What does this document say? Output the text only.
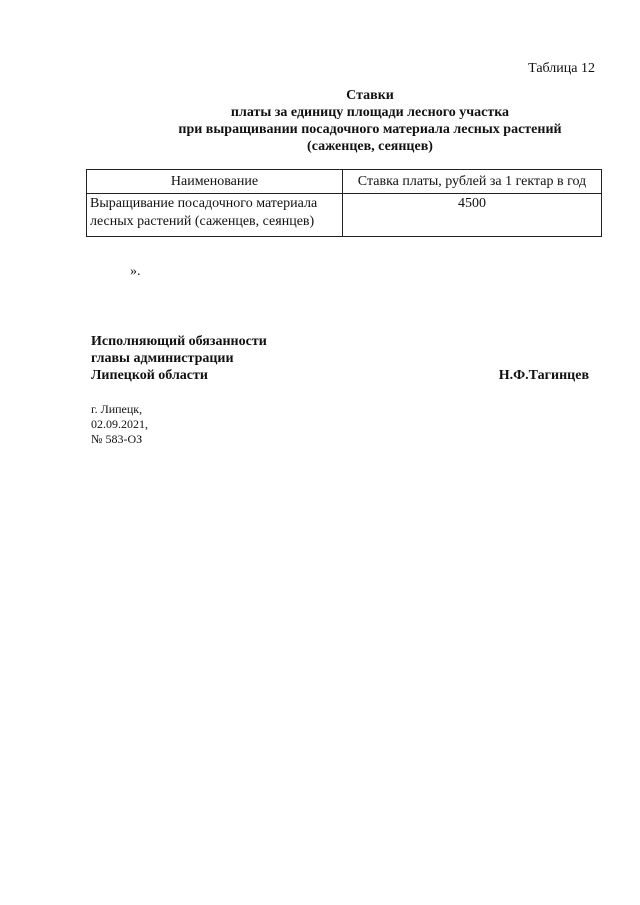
Таблица 12
Ставки
платы за единицу площади лесного участка
при выращивании посадочного материала лесных растений
(саженцев, сеянцев)
Наименование	Ставка платы, рублей за 1 гектар в год
Выращивание посадочного материала лесных растений (саженцев, сеянцев)	4500
».
Исполняющий обязанности
главы администрации
Липецкой области	Н.Ф.Тагинцев
г. Липецк,
02.09.2021,
№ 583-ОЗ
